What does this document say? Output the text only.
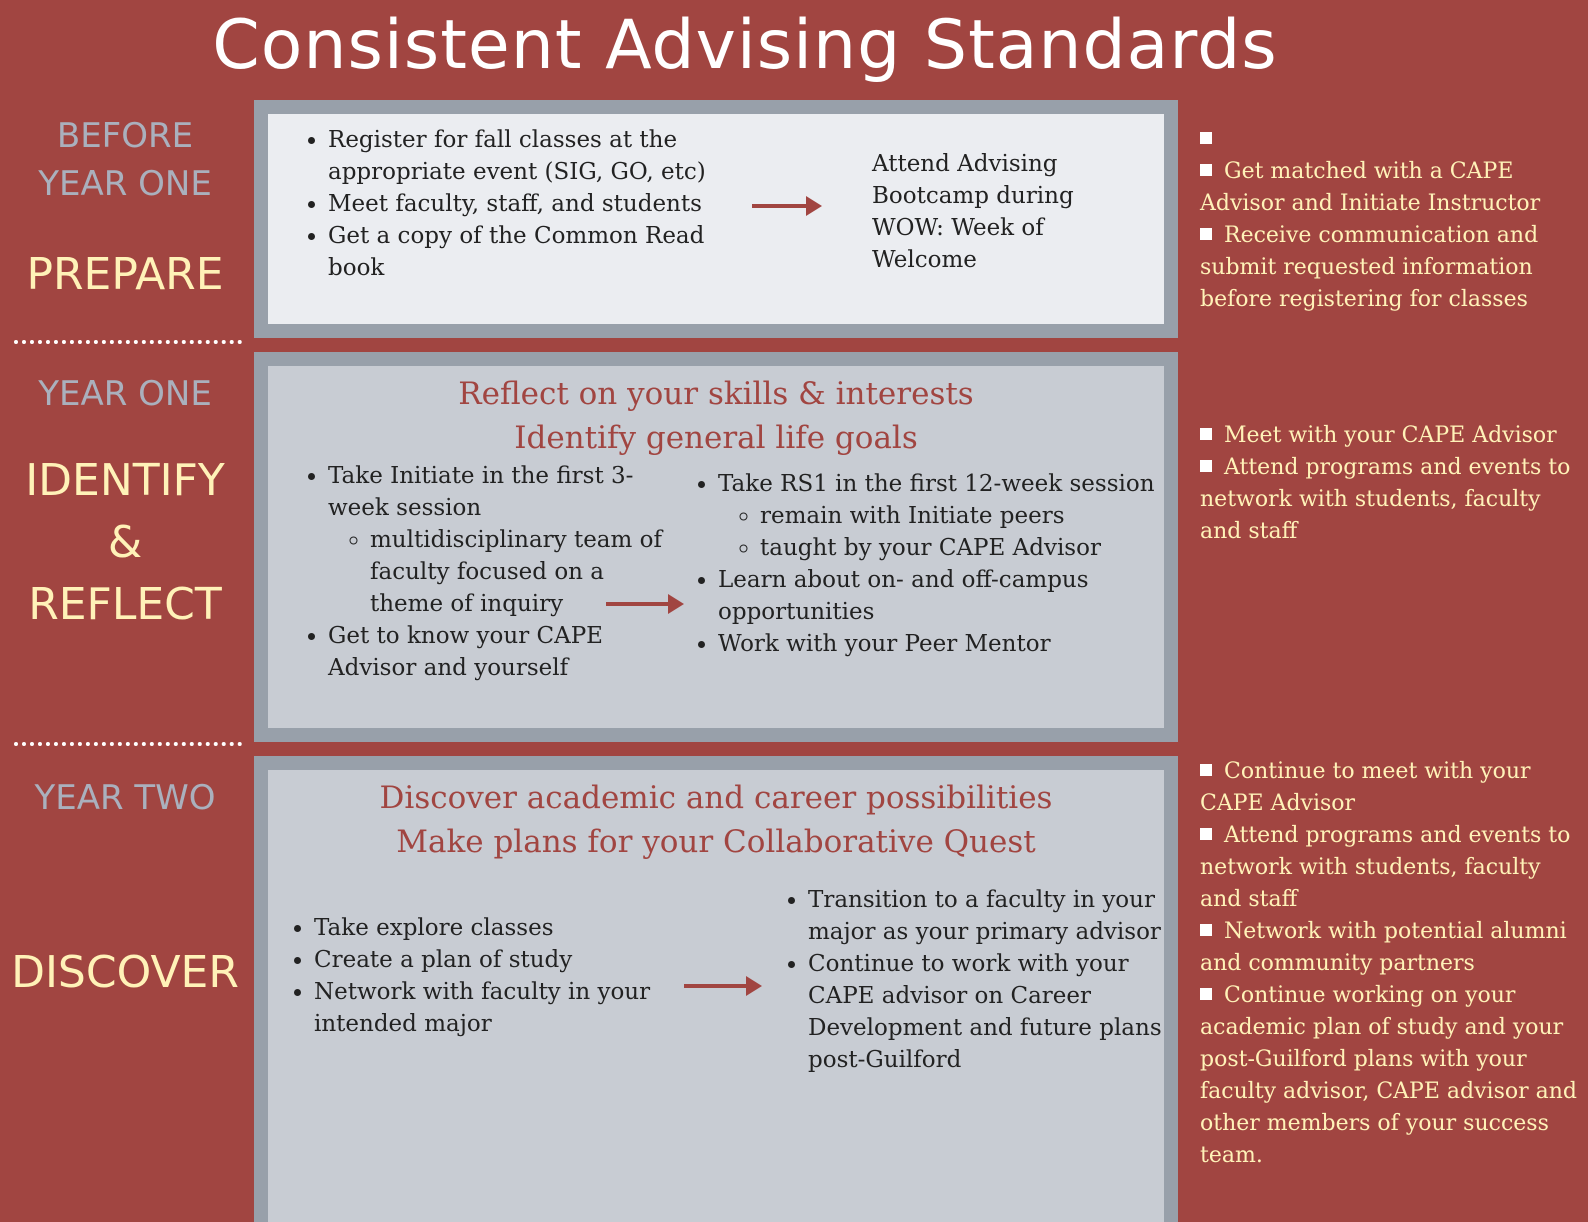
Consistent Advising Standards
BEFORE
YEAR ONE
PREPARE
• Register for fall classes at the appropriate event (SIG, GO, etc)
• Meet faculty, staff, and students
• Get a copy of the Common Read book
Attend Advising Bootcamp during WOW: Week of Welcome
Get matched with a CAPE Advisor and Initiate Instructor
Receive communication and submit requested information before registering for classes
YEAR ONE
IDENTIFY
&
REFLECT
Reflect on your skills & interests
Identify general life goals
• Take Initiate in the first 3-week session
◦ multidisciplinary team of faculty focused on a theme of inquiry
• Get to know your CAPE Advisor and yourself
• Take RS1 in the first 12-week session
◦ remain with Initiate peers
◦ taught by your CAPE Advisor
• Learn about on- and off-campus opportunities
• Work with your Peer Mentor
Meet with your CAPE Advisor
Attend programs and events to network with students, faculty and staff
YEAR TWO
DISCOVER
Discover academic and career possibilities
Make plans for your Collaborative Quest
• Take explore classes
• Create a plan of study
• Network with faculty in your intended major
• Transition to a faculty in your major as your primary advisor
• Continue to work with your CAPE advisor on Career Development and future plans post-Guilford
Continue to meet with your CAPE Advisor
Attend programs and events to network with students, faculty and staff
Network with potential alumni and community partners
Continue working on your academic plan of study and your post-Guilford plans with your faculty advisor, CAPE advisor and other members of your success team.
